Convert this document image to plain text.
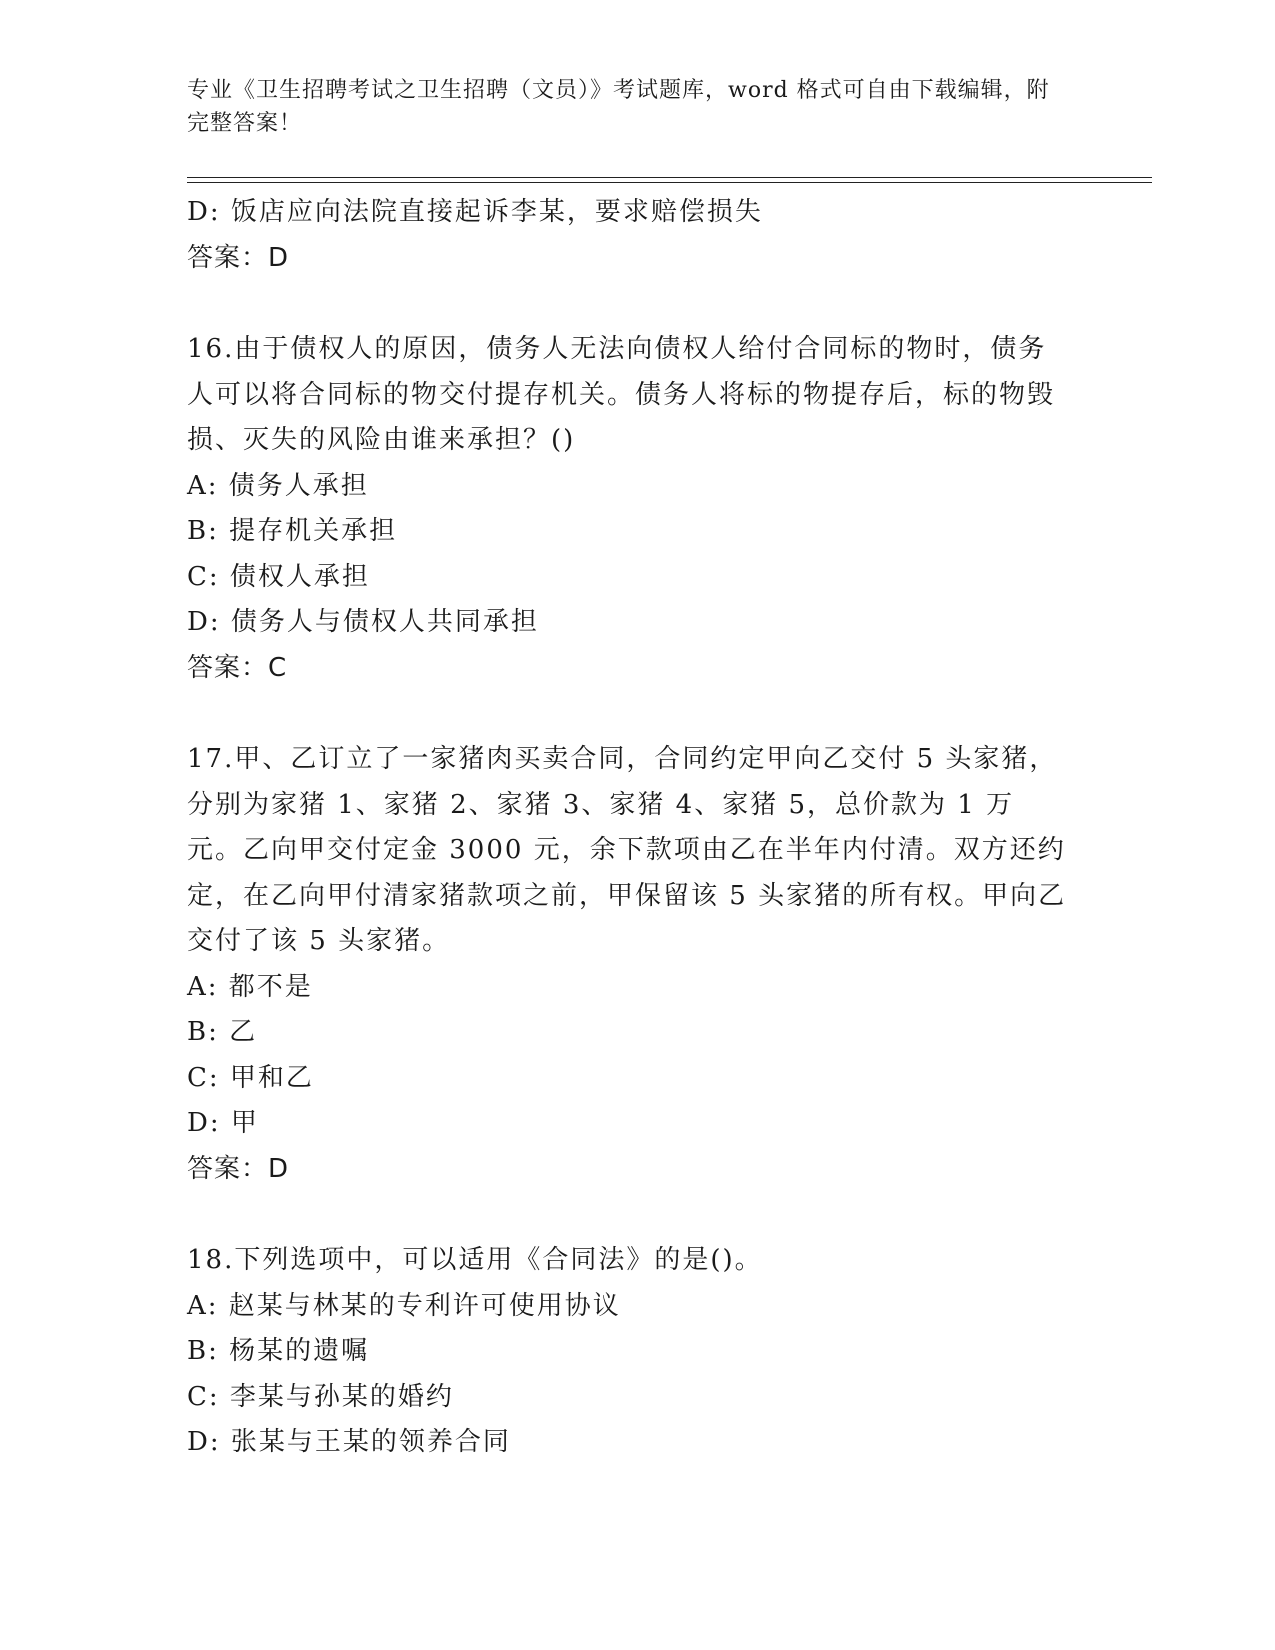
专业《卫生招聘考试之卫生招聘（文员）》考试题库，word 格式可自由下载编辑，附完整答案！
D: 饭店应向法院直接起诉李某，要求赔偿损失
答案：D
16.由于债权人的原因，债务人无法向债权人给付合同标的物时，债务人可以将合同标的物交付提存机关。债务人将标的物提存后，标的物毁损、灭失的风险由谁来承担？()
A: 债务人承担
B: 提存机关承担
C: 债权人承担
D: 债务人与债权人共同承担
答案：C
17.甲、乙订立了一家猪肉买卖合同，合同约定甲向乙交付 5 头家猪，分别为家猪 1、家猪 2、家猪 3、家猪 4、家猪 5，总价款为 1 万元。乙向甲交付定金 3000 元，余下款项由乙在半年内付清。双方还约定，在乙向甲付清家猪款项之前，甲保留该 5 头家猪的所有权。甲向乙交付了该 5 头家猪。
A: 都不是
B: 乙
C: 甲和乙
D: 甲
答案：D
18.下列选项中，可以适用《合同法》的是()。
A: 赵某与林某的专利许可使用协议
B: 杨某的遗嘱
C: 李某与孙某的婚约
D: 张某与王某的领养合同
